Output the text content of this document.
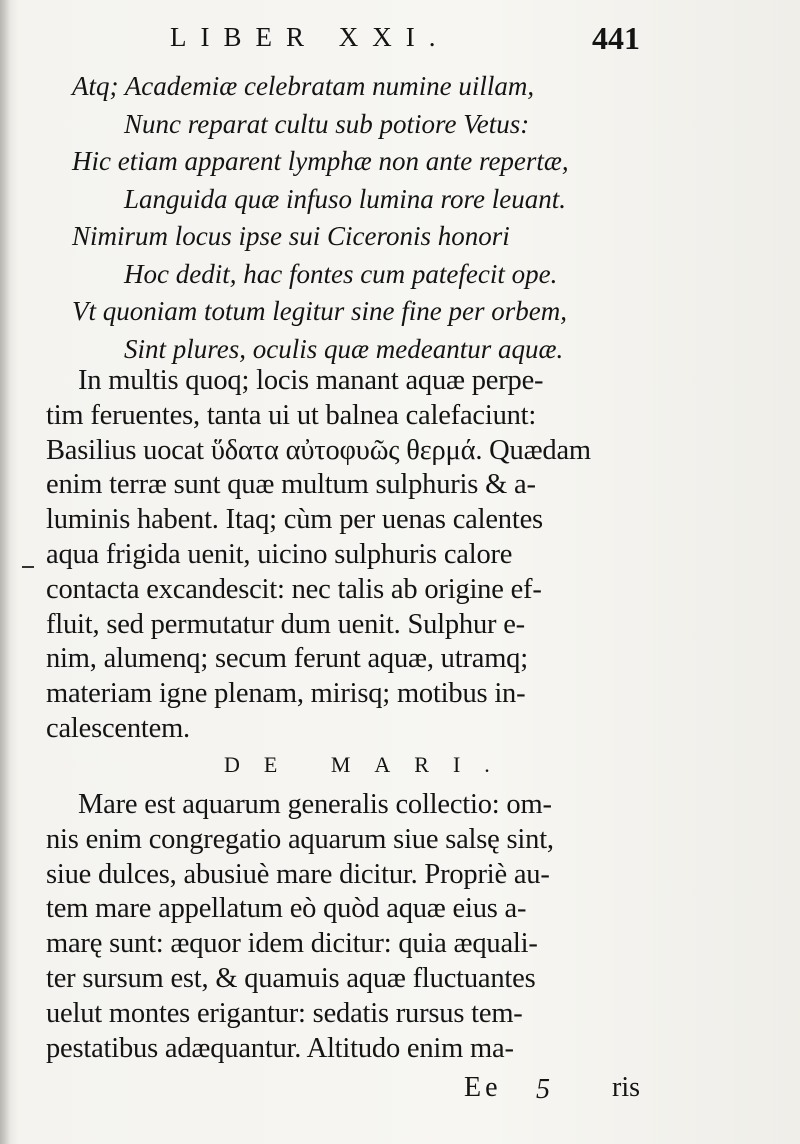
LIBER XXI.	441
Atq; Academiæ celebratam numine uillam,
Nunc reparat cultu sub potiore Vetus:
Hic etiam apparent lymphæ non ante repertæ,
Languida quæ infuso lumina rore leuant.
Nimirum locus ipse sui Ciceronis honori
Hoc dedit, hac fontes cum patefecit ope.
Vt quoniam totum legitur sine fine per orbem,
Sint plures, oculis quæ medeantur aquæ.
In multis quoq; locis manant aquæ perpe-
tim feruentes, tanta ui ut balnea calefaciunt:
Basilius uocat ὕδατα αὐτοφυῶς θερμά. Quædam
enim terræ sunt quæ multum sulphuris & a-
luminis habent. Itaq; cùm per uenas calentes
aqua frigida uenit, uicino sulphuris calore
contacta excandescit: nec talis ab origine ef-
fluit, sed permutatur dum uenit. Sulphur e-
nim, alumenq; secum ferunt aquæ, utramq;
materiam igne plenam, mirisq; motibus in-
calescentem.
DE MARI.
Mare est aquarum generalis collectio: om-
nis enim congregatio aquarum siue salsę sint,
siue dulces, abusiuè mare dicitur. Propriè au-
tem mare appellatum eò quòd aquæ eius a-
marę sunt: æquor idem dicitur: quia æquali-
ter sursum est, & quamuis aquæ fluctuantes
uelut montes erigantur: sedatis rursus tem-
pestatibus adæquantur. Altitudo enim ma-
Ee 5 ris
